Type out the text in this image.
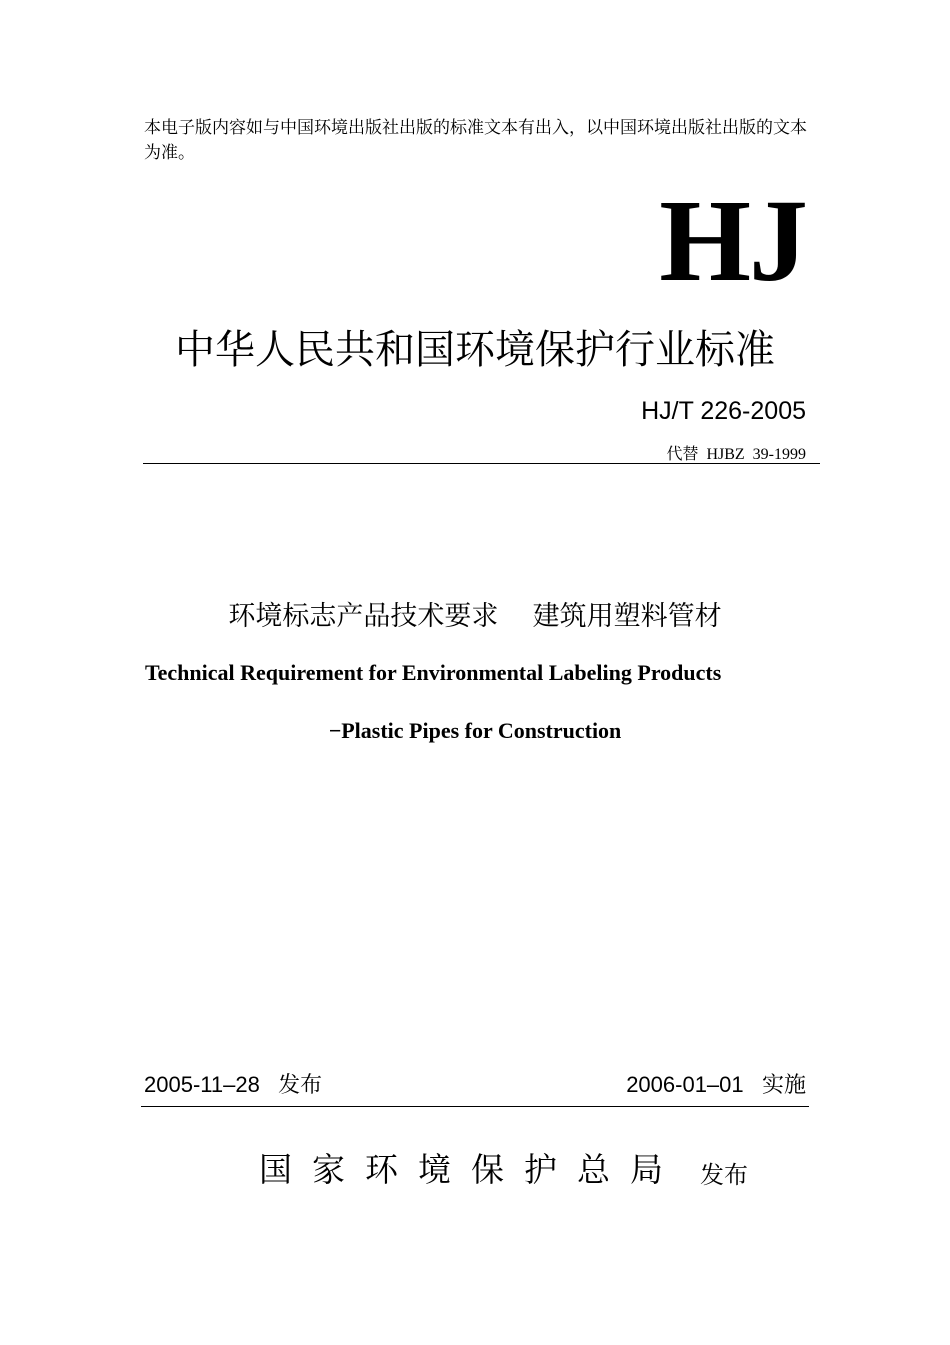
本电子版内容如与中国环境出版社出版的标准文本有出入，以中国环境出版社出版的文本为准。
HJ
中华人民共和国环境保护行业标准
HJ/T 226-2005
代替  HJBZ  39-1999
环境标志产品技术要求    建筑用塑料管材
Technical Requirement for Environmental Labeling Products
−Plastic Pipes for Construction
2005-11–28 发布	2006-01–01 实施
国家环境保护总局 发布
